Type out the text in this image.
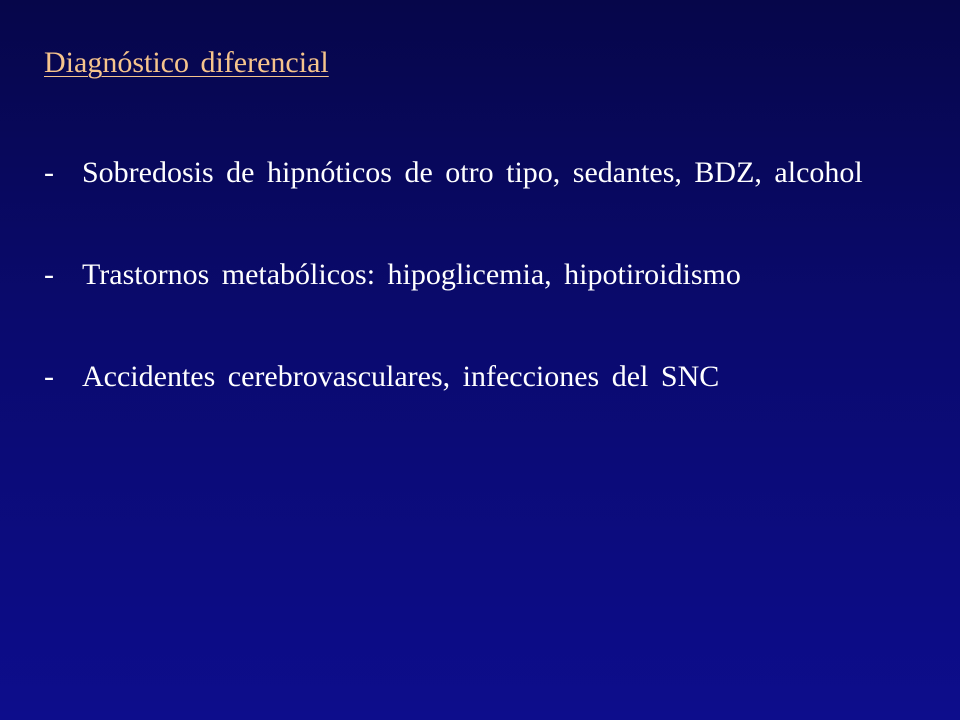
Diagnóstico diferencial
- Sobredosis de hipnóticos de otro tipo, sedantes, BDZ, alcohol
- Trastornos metabólicos: hipoglicemia, hipotiroidismo
- Accidentes cerebrovasculares, infecciones del SNC
